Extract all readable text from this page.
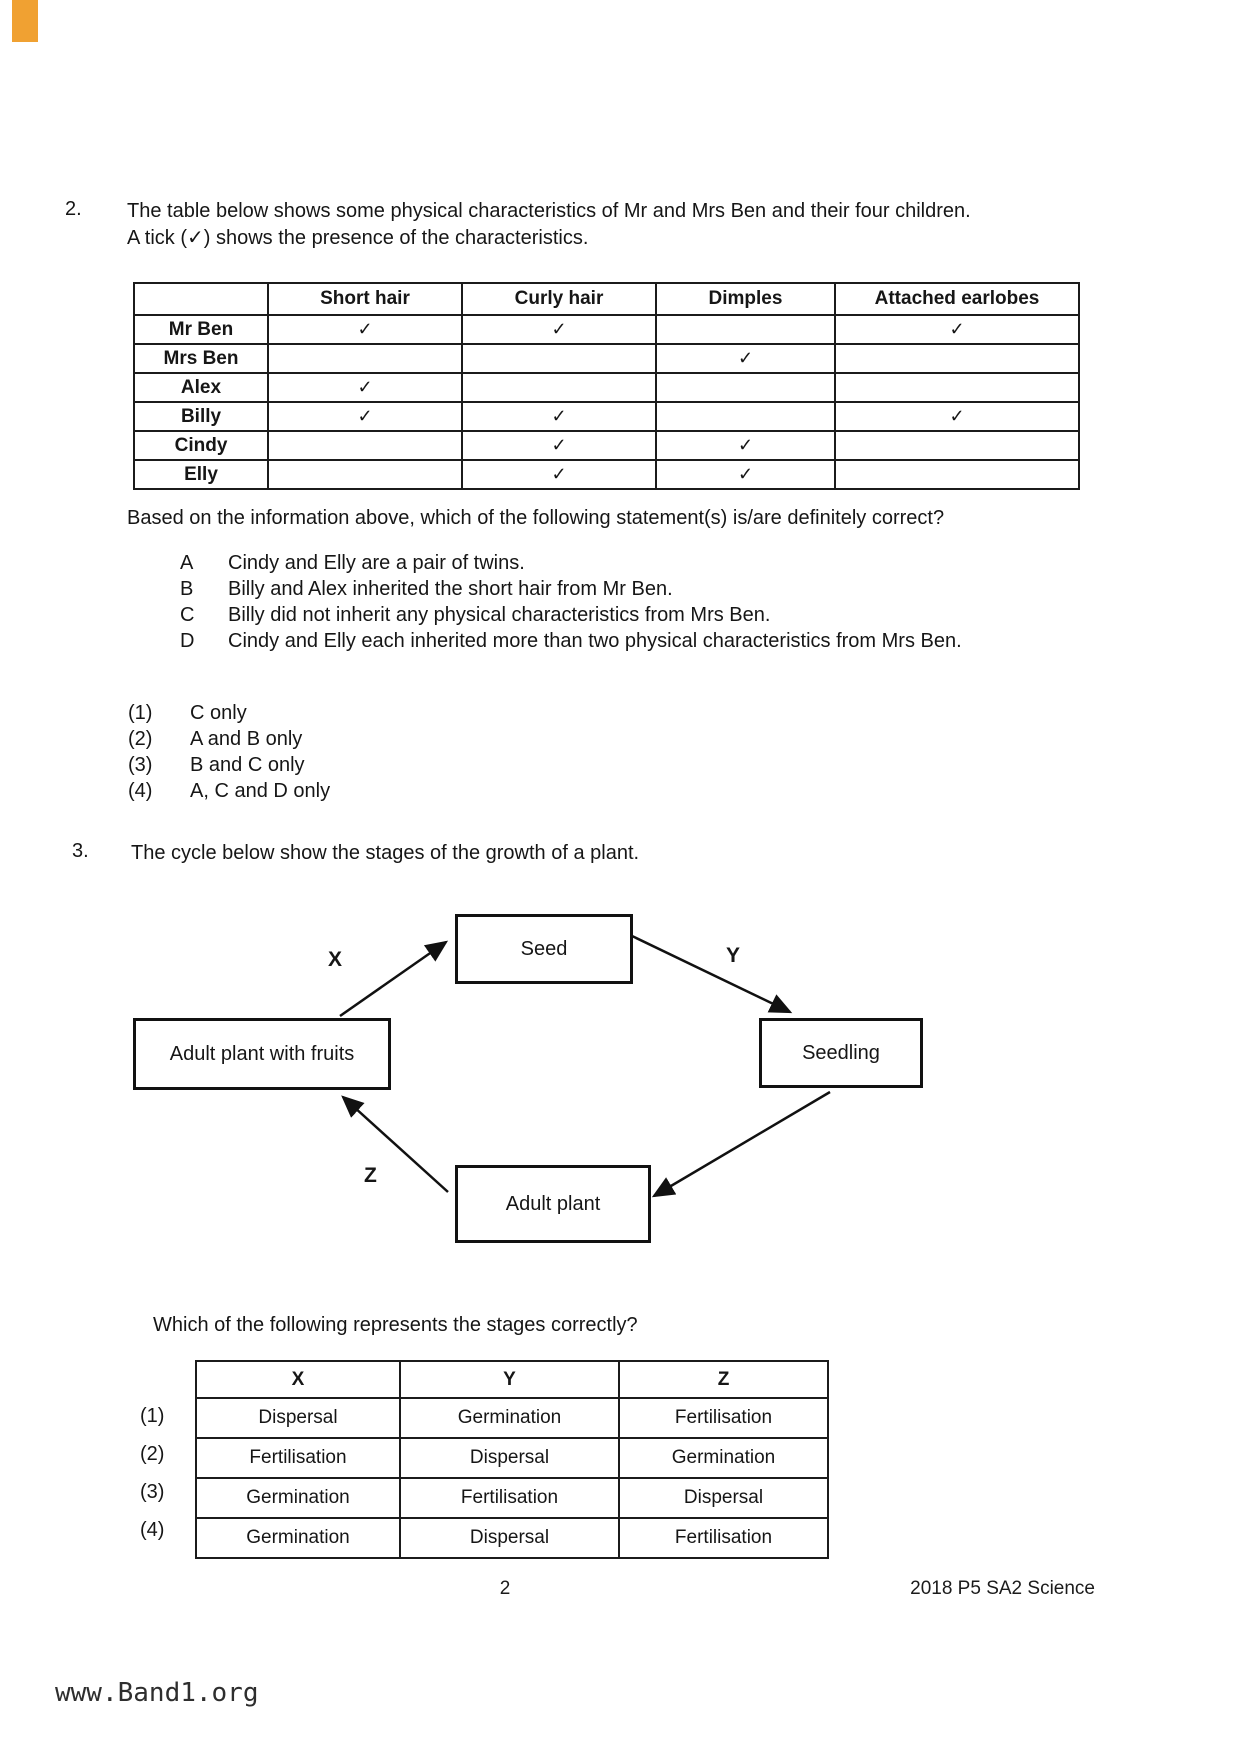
2. The table below shows some physical characteristics of Mr and Mrs Ben and their four children.
A tick (✓) shows the presence of the characteristics.
	Short hair	Curly hair	Dimples	Attached earlobes
Mr Ben	✓	✓		✓
Mrs Ben			✓	
Alex	✓			
Billy	✓	✓		✓
Cindy		✓	✓	
Elly		✓	✓	
Based on the information above, which of the following statement(s) is/are definitely correct?
A	Cindy and Elly are a pair of twins.
B	Billy and Alex inherited the short hair from Mr Ben.
C	Billy did not inherit any physical characteristics from Mrs Ben.
D	Cindy and Elly each inherited more than two physical characteristics from Mrs Ben.
(1)	C only
(2)	A and B only
(3)	B and C only
(4)	A, C and D only
3. The cycle below show the stages of the growth of a plant.
Seed
Adult plant with fruits	Seedling
Adult plant
X	Y
Z
Which of the following represents the stages correctly?
(1)
(2)
(3)
(4)
X	Y	Z
Dispersal	Germination	Fertilisation
Fertilisation	Dispersal	Germination
Germination	Fertilisation	Dispersal
Germination	Dispersal	Fertilisation
2	2018 P5 SA2 Science
www.Band1.org
